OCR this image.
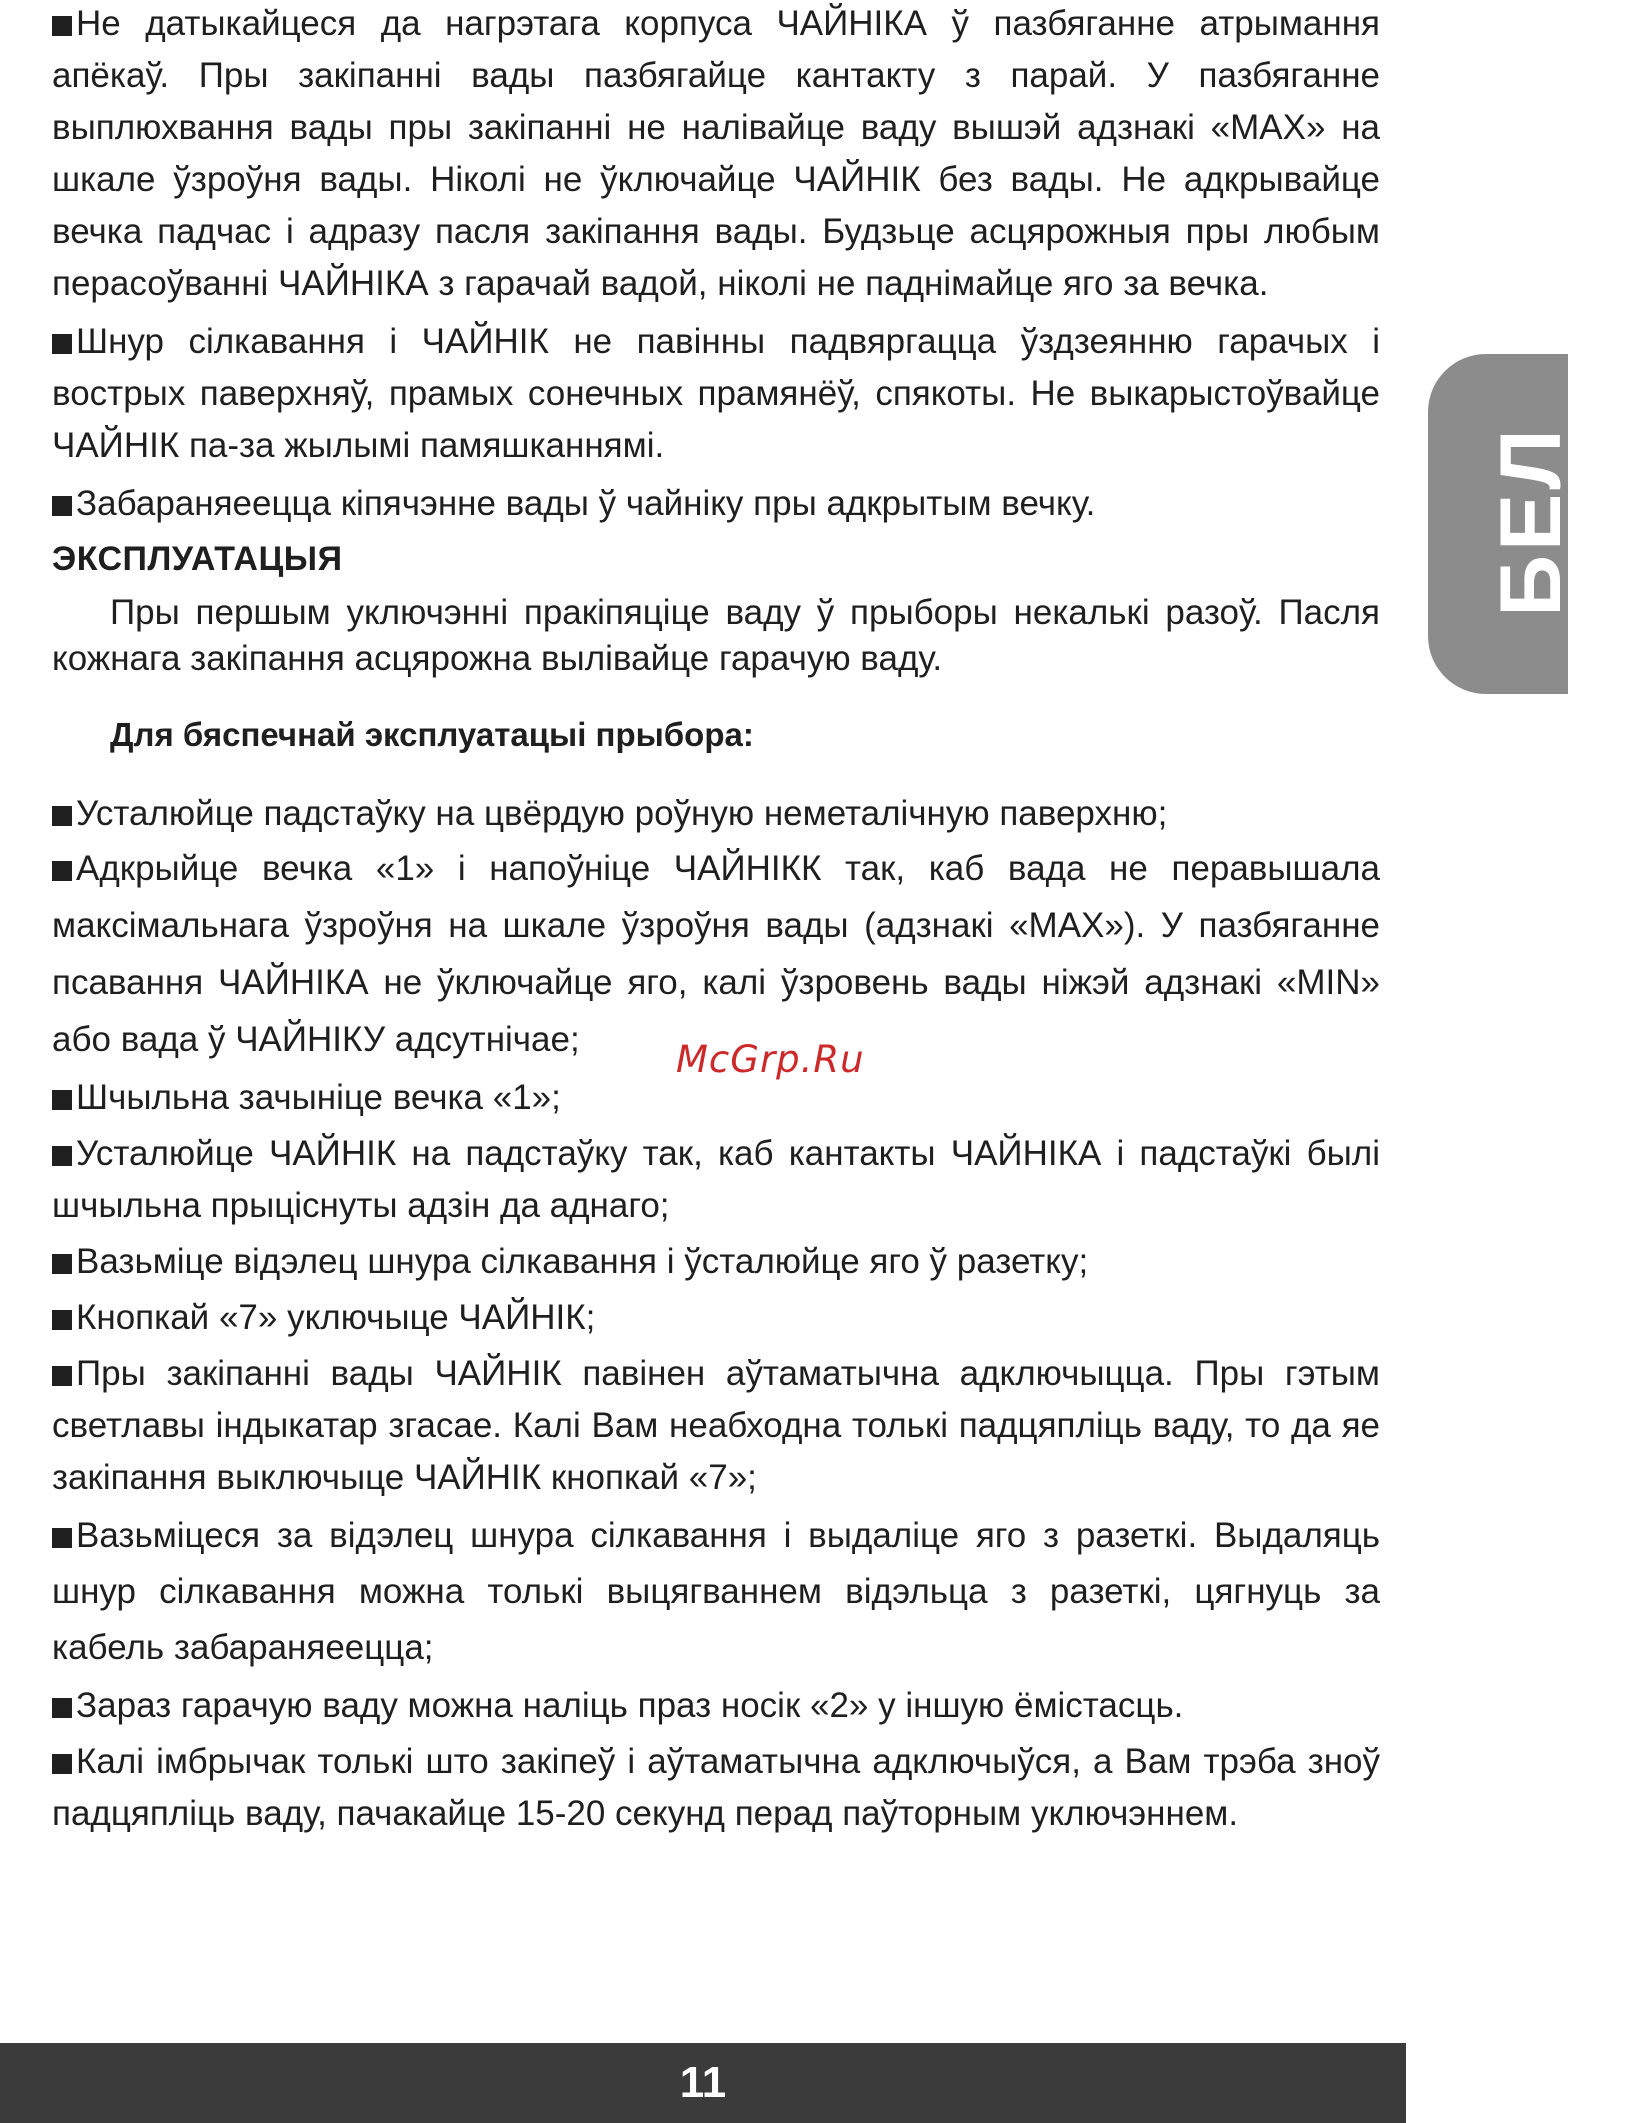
Не датыкайцеся да нагрэтага корпуса ЧАЙНІКА ў пазбяганне атрымання апёкаў. Пры закіпанні вады пазбягайце кантакту з парай. У пазбяганне выплюхвання вады пры закіпанні не налівайце ваду вышэй адзнакі «MAX» на шкале ўзроўня вады. Ніколі не ўключайце ЧАЙНІК без вады. Не адкрывайце вечка падчас і адразу пасля закіпання вады. Будзьце асцярожныя пры любым перасоўванні ЧАЙНІКА з гарачай вадой, ніколі не паднімайце яго за вечка.

Шнур сілкавання і ЧАЙНІК не павінны падвяргацца ўздзеянню гарачых і вострых паверхняў, прамых сонечных прамянёў, спякоты. Не выкарыстоўвайце ЧАЙНІК па-за жылымі памяшканнямі.

Забараняеецца кіпячэнне вады ў чайніку пры адкрытым вечку.

ЭКСПЛУАТАЦЫЯ

Пры першым уключэнні пракіпяціце ваду ў прыборы некалькі разоў. Пасля кожнага закіпання асцярожна вылівайце гарачую ваду.

Для бяспечнай эксплуатацыі прыбора:

Усталюйце падстаўку на цвёрдую роўную неметалічную паверхню;

Адкрыйце вечка «1» і напоўніце ЧАЙНІКК так, каб вада не перавышала максімальнага ўзроўня на шкале ўзроўня вады (адзнакі «MAX»). У пазбяганне псавання ЧАЙНІКА не ўключайце яго, калі ўзровень вады ніжэй адзнакі «MIN» або вада ў ЧАЙНІКУ адсутнічае;

Шчыльна зачыніце вечка «1»;

Усталюйце ЧАЙНІК на падстаўку так, каб кантакты ЧАЙНІКА і падстаўкі былі шчыльна прыціснуты адзін да аднаго;

Вазьміце відэлец шнура сілкавання і ўсталюйце яго ў разетку;

Кнопкай «7» уключыце ЧАЙНІК;

Пры закіпанні вады ЧАЙНІК павінен аўтаматычна адключыцца. Пры гэтым светлавы індыкатар згасае. Калі Вам неабходна толькі падцяпліць ваду, то да яе закіпання выключыце ЧАЙНІК кнопкай «7»;

Вазьміцеся за відэлец шнура сілкавання і выдаліце яго з разеткі. Выдаляць шнур сілкавання можна толькі выцягваннем відэльца з разеткі, цягнуць за кабель забараняеецца;

Зараз гарачую ваду можна наліць праз носік «2» у іншую ёмістасць.

Калі імбрычак толькі што закіпеў і аўтаматычна адключыўся, а Вам трэба зноў падцяпліць ваду, пачакайце 15-20 секунд перад паўторным уключэннем.

McGrp.Ru
БЕЛ
11
